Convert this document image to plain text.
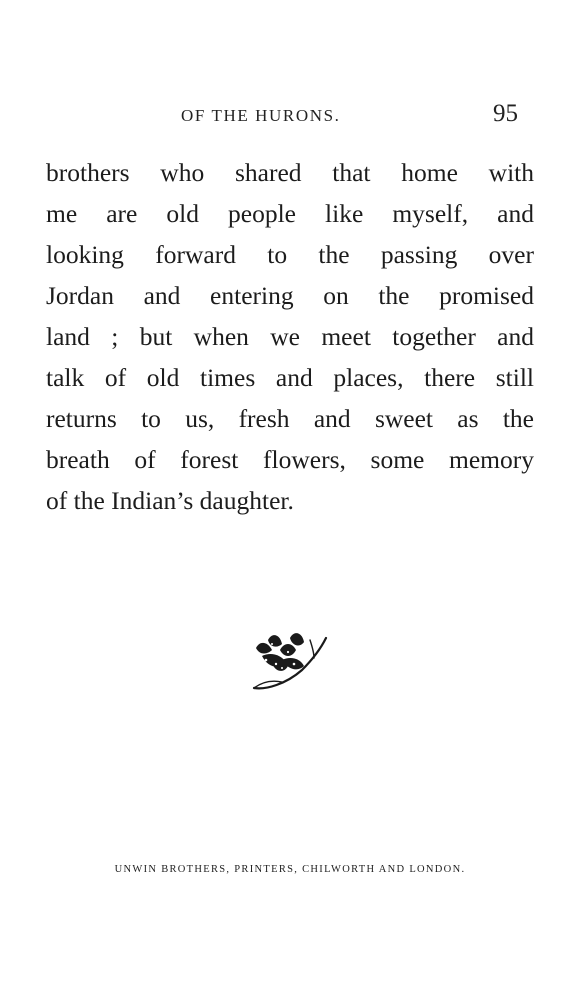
OF THE HURONS.	95
brothers who shared that home with
me are old people like myself, and
looking forward to the passing over
Jordan and entering on the promised
land ; but when we meet together and
talk of old times and places, there still
returns to us, fresh and sweet as the
breath of forest flowers, some memory
of the Indian’s daughter.
UNWIN BROTHERS, PRINTERS, CHILWORTH AND LONDON.
